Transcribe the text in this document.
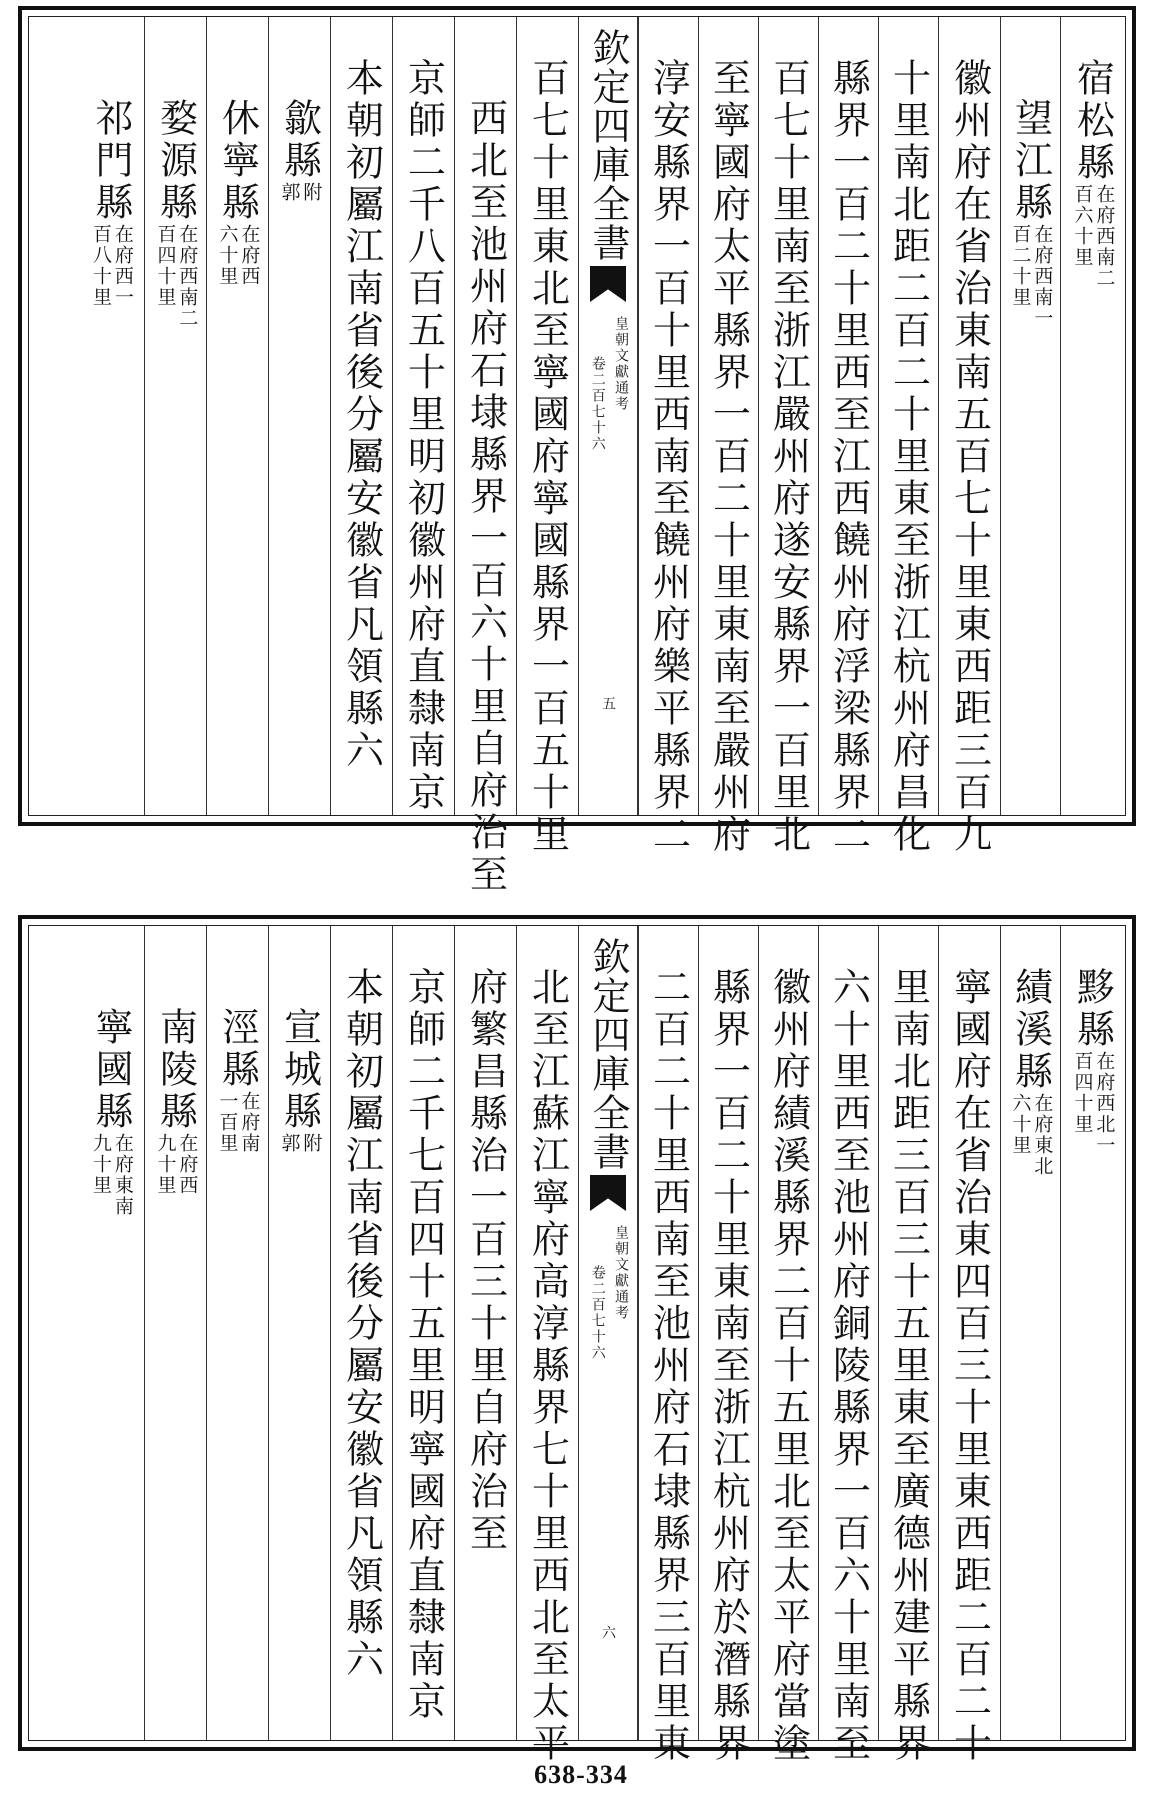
宿松縣
在府西南二
百六十里
望江縣
在府西南一
百二十里
徽州府在省治東南五百七十里東西距三百九
十里南北距二百二十里東至浙江杭州府昌化
縣界一百二十里西至江西饒州府浮梁縣界二
百七十里南至浙江嚴州府遂安縣界一百里北
至寧國府太平縣界一百二十里東南至嚴州府
淳安縣界一百十里西南至饒州府樂平縣界二
欽定四庫全書
皇朝文獻通考
卷二百七十六
五
百七十里東北至寧國府寧國縣界一百五十里
西北至池州府石埭縣界一百六十里自府治至
京師二千八百五十里明初徽州府直隸南京
本朝初屬江南省後分屬安徽省凡領縣六
歙縣
附
郭
休寧縣
在府西
六十里
婺源縣
在府西南二
百四十里
祁門縣
在府西一
百八十里
黟縣
在府西北一
百四十里
績溪縣
在府東北
六十里
寧國府在省治東四百三十里東西距二百二十
里南北距三百三十五里東至廣德州建平縣界
六十里西至池州府銅陵縣界一百六十里南至
徽州府績溪縣界二百十五里北至太平府當塗
縣界一百二十里東南至浙江杭州府於潛縣界
二百二十里西南至池州府石埭縣界三百里東
欽定四庫全書
皇朝文獻通考
卷二百七十六
六
北至江蘇江寧府高淳縣界七十里西北至太平
府繁昌縣治一百三十里自府治至
京師二千七百四十五里明寧國府直隸南京
本朝初屬江南省後分屬安徽省凡領縣六
宣城縣
附
郭
涇縣
在府南
一百里
南陵縣
在府西
九十里
寧國縣
在府東南
九十里
638-334
